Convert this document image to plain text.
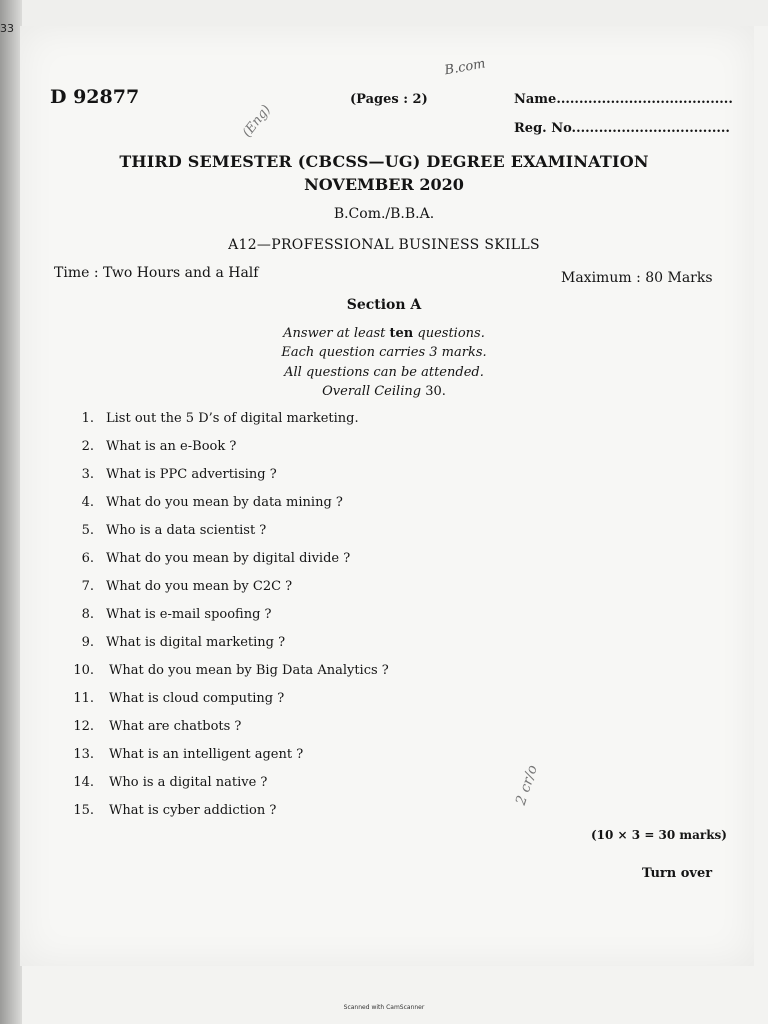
33
D 92877	(Pages : 2)	Name.......................................
Reg. No...................................
B.com
(Eng)
2 cr/o
THIRD SEMESTER (CBCSS—UG) DEGREE EXAMINATION
NOVEMBER 2020
B.Com./B.B.A.
A12—PROFESSIONAL BUSINESS SKILLS
Time : Two Hours and a Half	Maximum : 80 Marks
Section A
Answer at least ten questions.
Each question carries 3 marks.
All questions can be attended.
Overall Ceiling 30.
1. List out the 5 D’s of digital marketing.
2. What is an e-Book ?
3. What is PPC advertising ?
4. What do you mean by data mining ?
5. Who is a data scientist ?
6. What do you mean by digital divide ?
7. What do you mean by C2C ?
8. What is e-mail spoofing ?
9. What is digital marketing ?
10. What do you mean by Big Data Analytics ?
11. What is cloud computing ?
12. What are chatbots ?
13. What is an intelligent agent ?
14. Who is a digital native ?
15. What is cyber addiction ?
(10 × 3 = 30 marks)
Turn over
Scanned with CamScanner
